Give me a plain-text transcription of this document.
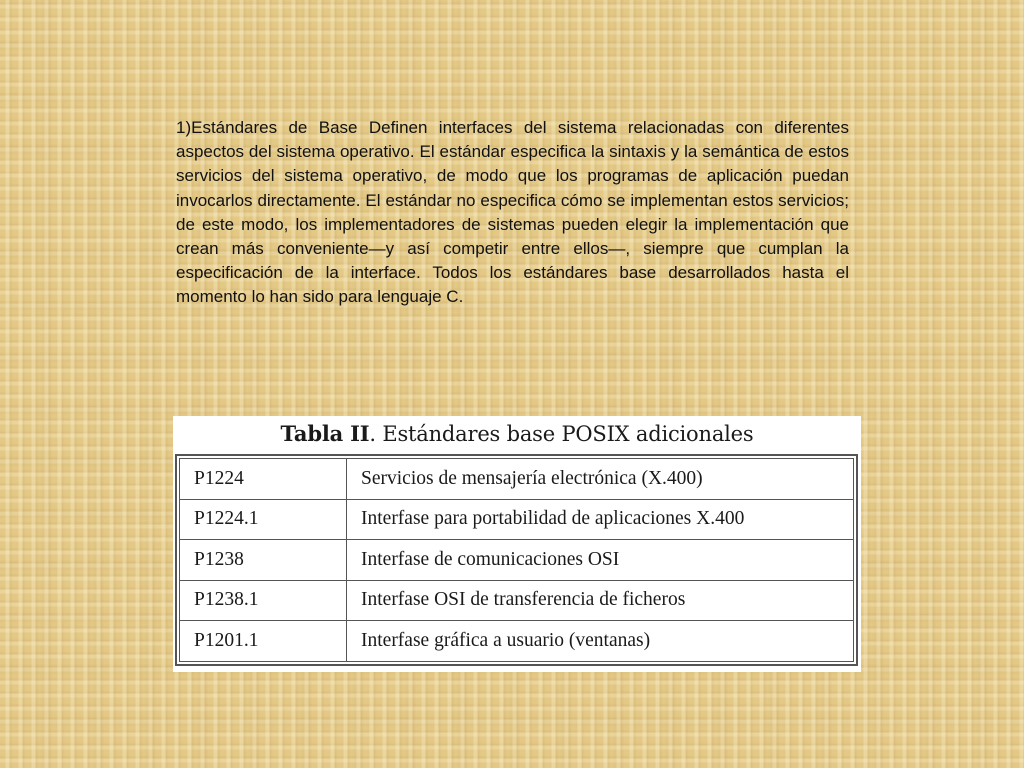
1)Estándares de Base Definen interfaces del sistema relacionadas con diferentes aspectos del sistema operativo. El estándar especifica la sintaxis y la semántica de estos servicios del sistema operativo, de modo que los programas de aplicación puedan invocarlos directamente. El estándar no especifica cómo se implementan estos servicios; de este modo, los implementadores de sistemas pueden elegir la implementación que crean más conveniente—y así competir entre ellos—, siempre que cumplan la especificación de la interface. Todos los estándares base desarrollados hasta el momento lo han sido para lenguaje C.

Tabla II. Estándares base POSIX adicionales
P1224	Servicios de mensajería electrónica (X.400)
P1224.1	Interfase para portabilidad de aplicaciones X.400
P1238	Interfase de comunicaciones OSI
P1238.1	Interfase OSI de transferencia de ficheros
P1201.1	Interfase gráfica a usuario (ventanas)
